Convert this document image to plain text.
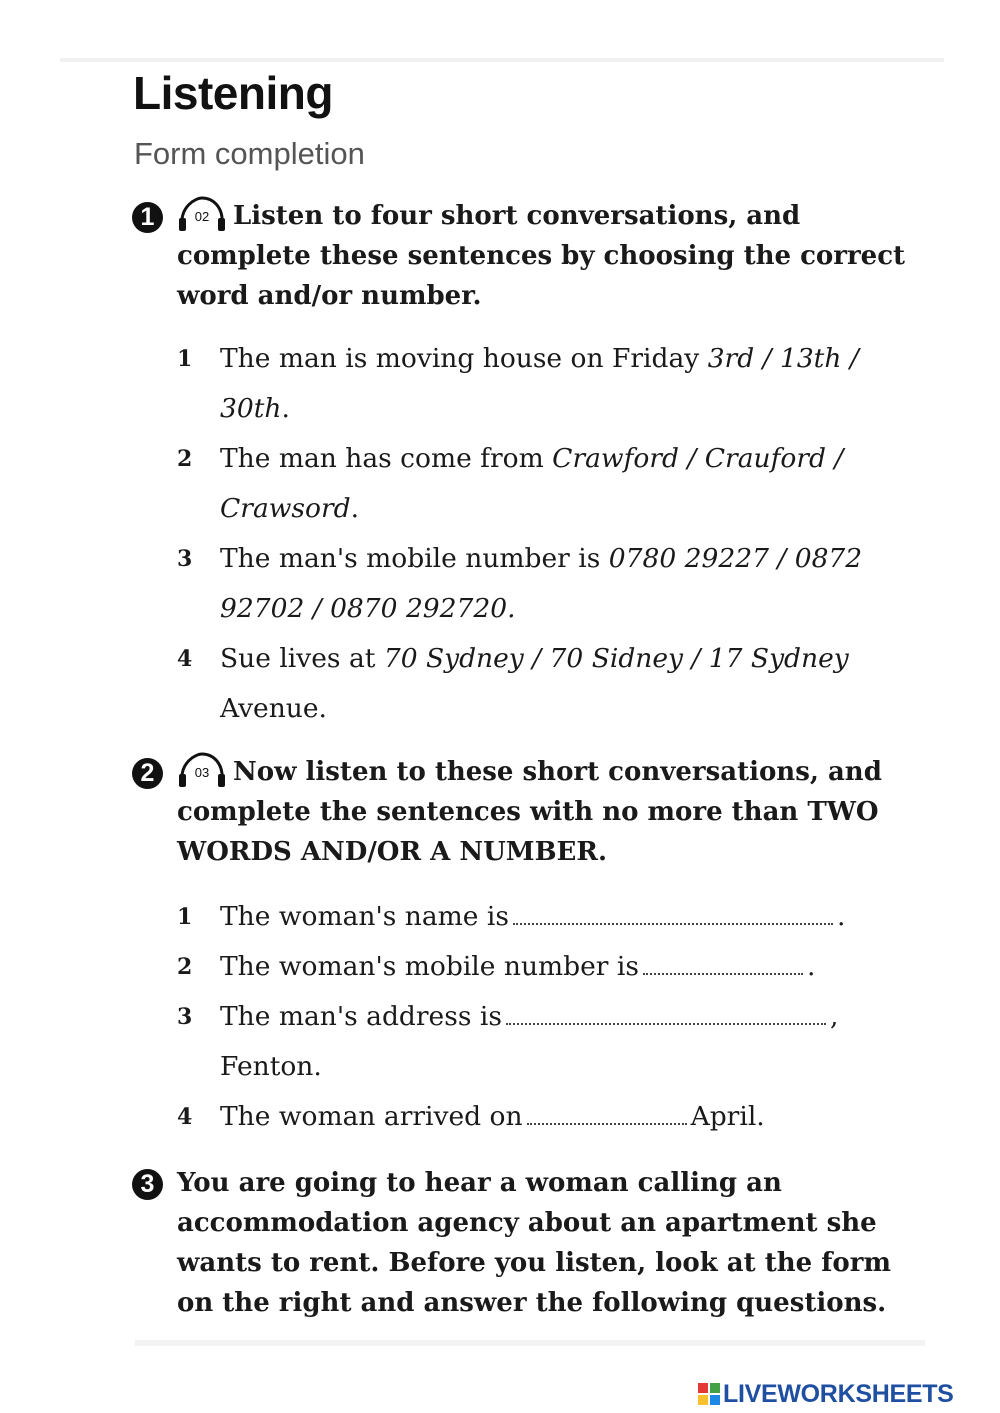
Listening
Form completion
1	02 Listen to four short conversations, and complete these sentences by choosing the correct word and/or number.

1 The man is moving house on Friday 3rd / 13th / 30th.
2 The man has come from Crawford / Crauford / Crawsord.
3 The man's mobile number is 0780 29227 / 0872 92702 / 0870 292720.
4 Sue lives at 70 Sydney / 70 Sidney / 17 Sydney Avenue.
2	03 Now listen to these short conversations, and complete the sentences with no more than TWO WORDS AND/OR A NUMBER.

1 The woman's name is	.
2 The woman's mobile number is	.
3 The man's address is	,
Fenton.
4 The woman arrived on	April.
3 You are going to hear a woman calling an accommodation agency about an apartment she wants to rent. Before you listen, look at the form on the right and answer the following questions.

LIVEWORKSHEETS
